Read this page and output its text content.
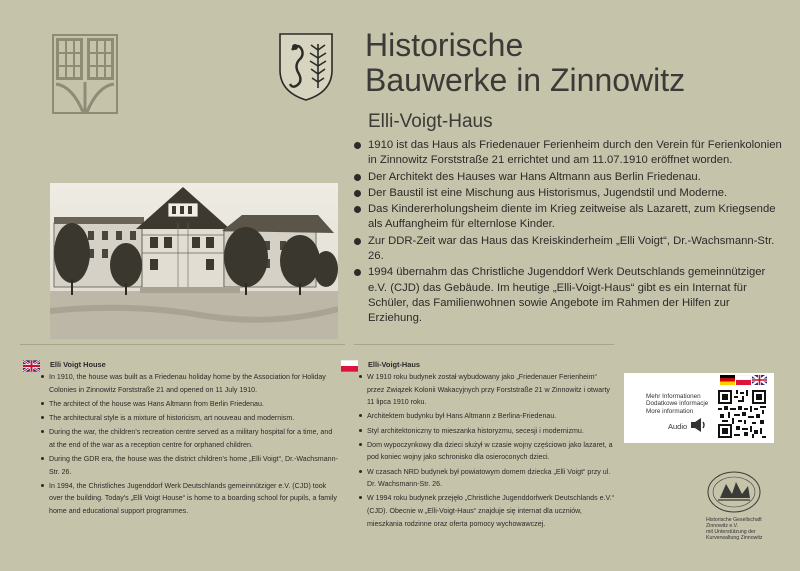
Historische
Bauwerke in Zinnowitz
Elli-Voigt-Haus
1910 ist das Haus als Friedenauer Ferienheim durch den Verein für Ferienkolonien in Zinnowitz Forststraße 21 errichtet und am 11.07.1910 eröffnet worden.
Der Architekt des Hauses war Hans Altmann aus Berlin Friedenau.
Der Baustil ist eine Mischung aus Historismus, Jugendstil und Moderne.
Das Kindererholungsheim diente im Krieg zeitweise als Lazarett, zum Kriegsende als Auffangheim für elternlose Kinder.
Zur DDR-Zeit war das Haus das Kreiskinderheim „Elli Voigt“, Dr.-Wachsmann-Str. 26.
1994 übernahm das Christliche Jugenddorf Werk Deutschlands gemeinnütziger e.V. (CJD) das Gebäude. Im heutige „Elli-Voigt-Haus“ gibt es ein Internat für Schüler, das Familienwohnen sowie Angebote im Rahmen der Hilfen zur Erziehung.
Elli Voigt House
In 1910, the house was built as a Friedenau holiday home by the Association for Holiday Colonies in Zinnowitz Forststraße 21 and opened on 11 July 1910.
The architect of the house was Hans Altmann from Berlin Friedenau.
The architectural style is a mixture of historicism, art nouveau and modernism.
During the war, the children's recreation centre served as a military hospital for a time, and at the end of the war as a reception centre for orphaned children.
During the GDR era, the house was the district children's home „Elli Voigt“, Dr.-Wachsmann-Str. 26.
In 1994, the Christliches Jugenddorf Werk Deutschlands gemeinnütziger e.V. (CJD) took over the building. Today's „Elli Voigt House“ is home to a boarding school for pupils, a family home and educational support programmes.
Elli-Voigt-Haus
W 1910 roku budynek został wybudowany jako „Friedenauer Ferienheim“ przez Związek Kolonii Wakacyjnych przy Forststraße 21 w Zinnowitz i otwarty 11 lipca 1910 roku.
Architektem budynku był Hans Altmann z Berlina-Friedenau.
Styl architektoniczny to mieszanka historyzmu, secesji i modernizmu.
Dom wypoczynkowy dla dzieci służył w czasie wojny częściowo jako lazaret, a pod koniec wojny jako schronisko dla osieroconych dzieci.
W czasach NRD budynek był powiatowym domem dziecka „Elli Voigt“ przy ul. Dr. Wachsmann-Str. 26.
W 1994 roku budynek przejęło „Christliche Jugenddorfwerk Deutschlands e.V.“ (CJD). Obecnie w „Elli-Voigt-Haus“ znajduje się internat dla uczniów, mieszkania rodzinne oraz oferta pomocy wychowawczej.
Mehr Informationen
Dodatkowe informacje
More information
Audio
Historische Gesellschaft
Zinnowitz e.V.
mit Unterstützung der
Kurverwaltung Zinnowitz
